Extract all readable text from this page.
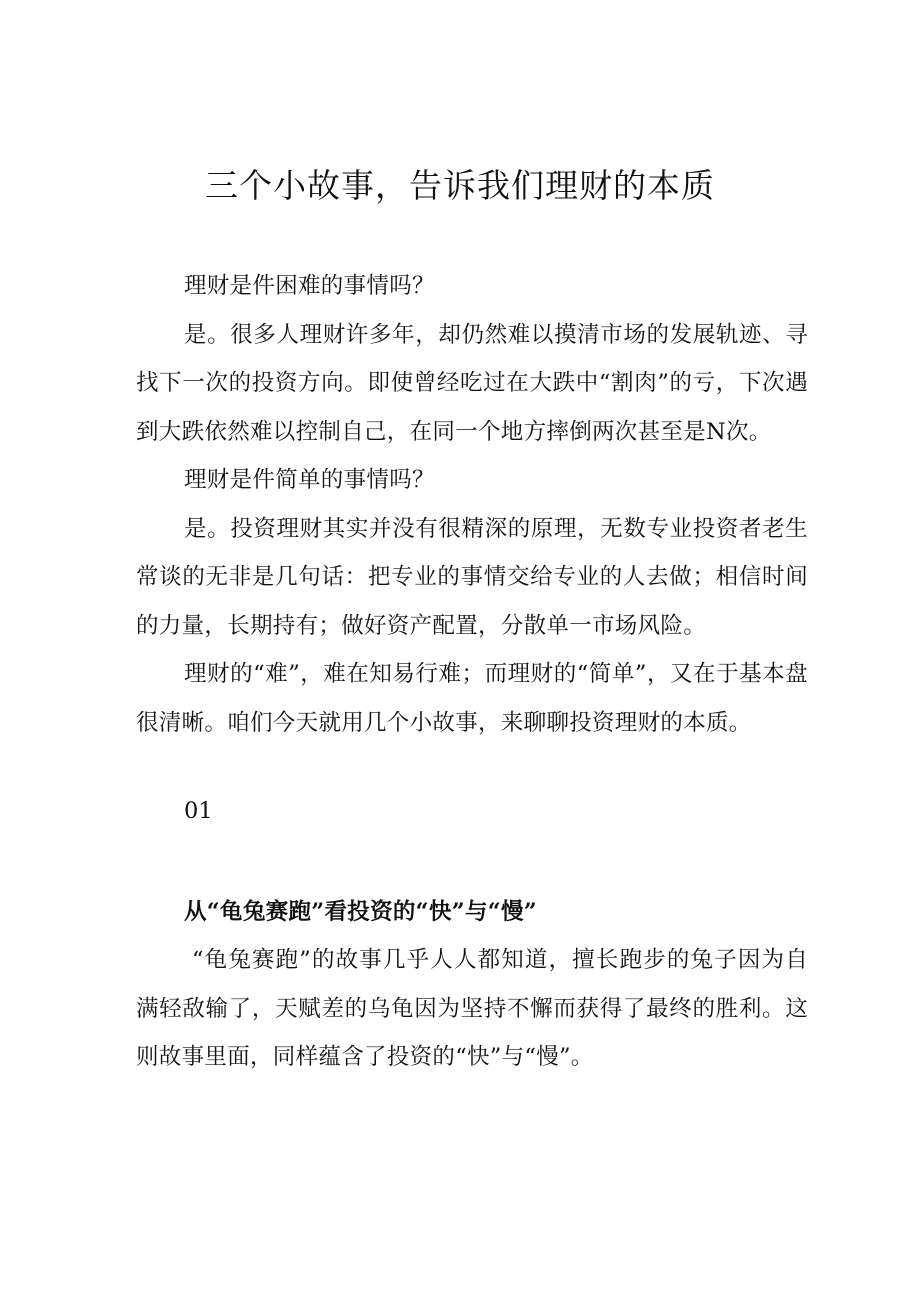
三个小故事，告诉我们理财的本质

理财是件困难的事情吗？

是。很多人理财许多年，却仍然难以摸清市场的发展轨迹、寻找下一次的投资方向。即使曾经吃过在大跌中“割肉”的亏，下次遇到大跌依然难以控制自己，在同一个地方摔倒两次甚至是N次。

理财是件简单的事情吗？

是。投资理财其实并没有很精深的原理，无数专业投资者老生常谈的无非是几句话：把专业的事情交给专业的人去做；相信时间的力量，长期持有；做好资产配置，分散单一市场风险。

理财的“难”，难在知易行难；而理财的“简单”，又在于基本盘很清晰。咱们今天就用几个小故事，来聊聊投资理财的本质。

01

从“龟兔赛跑”看投资的“快”与“慢”

“龟兔赛跑”的故事几乎人人都知道，擅长跑步的兔子因为自满轻敌输了，天赋差的乌龟因为坚持不懈而获得了最终的胜利。这则故事里面，同样蕴含了投资的“快”与“慢”。
